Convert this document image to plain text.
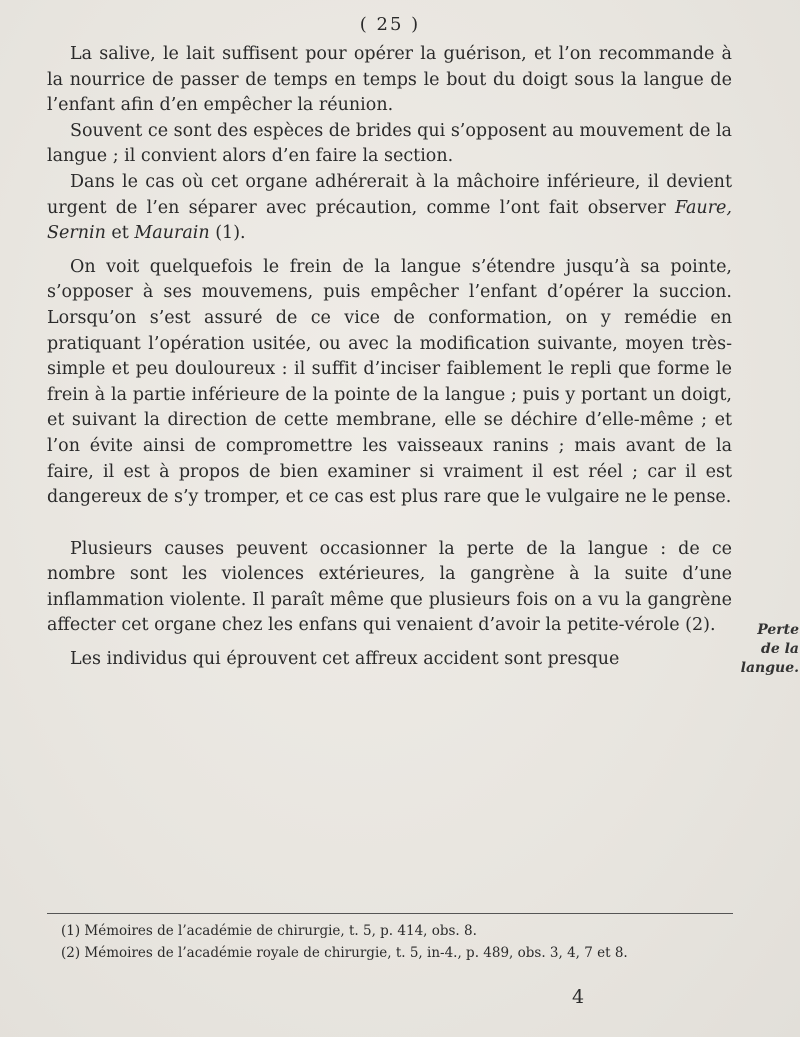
( 25 )

La salive, le lait suffisent pour opérer la guérison, et l’on recommande à la nourrice de passer de temps en temps le bout du doigt sous la langue de l’enfant afin d’en empêcher la réunion.

Souvent ce sont des espèces de brides qui s’opposent au mouvement de la langue ; il convient alors d’en faire la section.

Dans le cas où cet organe adhérerait à la mâchoire inférieure, il devient urgent de l’en séparer avec précaution, comme l’ont fait observer Faure, Sernin et Maurain (1).

On voit quelquefois le frein de la langue s’étendre jusqu’à sa pointe, s’opposer à ses mouvemens, puis empêcher l’enfant d’opérer la succion. Lorsqu’on s’est assuré de ce vice de conformation, on y remédie en pratiquant l’opération usitée, ou avec la modification suivante, moyen très-simple et peu douloureux : il suffit d’inciser faiblement le repli que forme le frein à la partie inférieure de la pointe de la langue ; puis y portant un doigt, et suivant la direction de cette membrane, elle se déchire d’elle-même ; et l’on évite ainsi de compromettre les vaisseaux ranins ; mais avant de la faire, il est à propos de bien examiner si vraiment il est réel ; car il est dangereux de s’y tromper, et ce cas est plus rare que le vulgaire ne le pense.

Plusieurs causes peuvent occasionner la perte de la langue : de ce nombre sont les violences extérieures, la gangrène à la suite d’une inflammation violente. Il paraît même que plusieurs fois on a vu la gangrène affecter cet organe chez les enfans qui venaient d’avoir la petite-vérole (2).

Les individus qui éprouvent cet affreux accident sont presque

Perte de la langue.

(1) Mémoires de l’académie de chirurgie, t. 5, p. 414, obs. 8.

(2) Mémoires de l’académie royale de chirurgie, t. 5, in-4., p. 489, obs. 3, 4, 7 et 8.

4
